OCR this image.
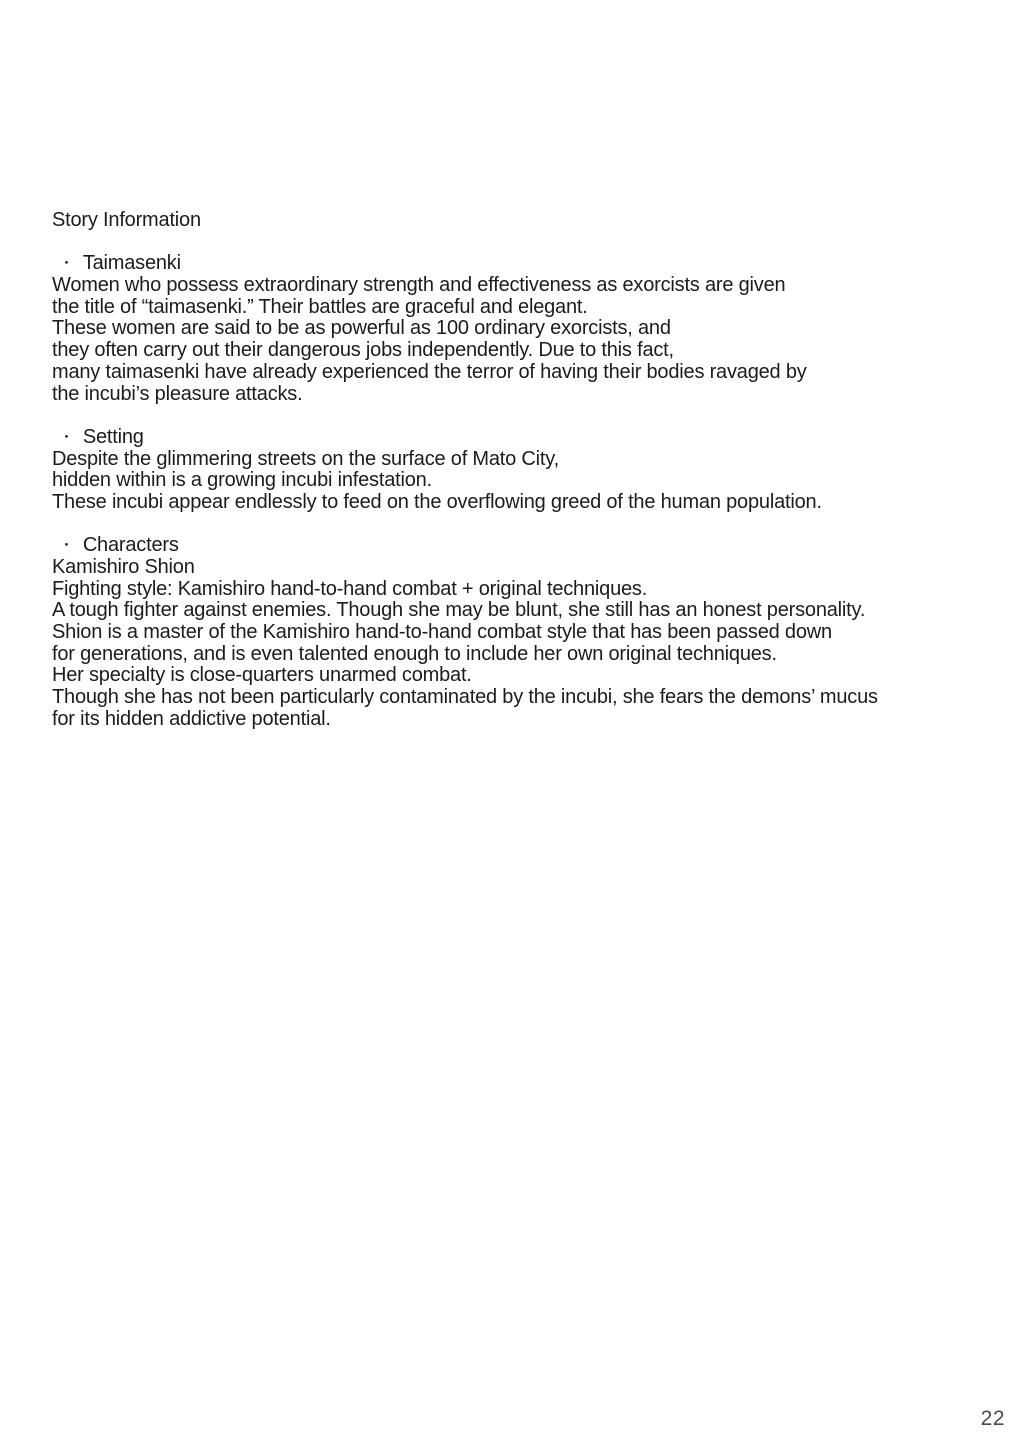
Story Information
・ Taimasenki
Women who possess extraordinary strength and effectiveness as exorcists are given
the title of “taimasenki.” Their battles are graceful and elegant.
These women are said to be as powerful as 100 ordinary exorcists, and
they often carry out their dangerous jobs independently. Due to this fact,
many taimasenki have already experienced the terror of having their bodies ravaged by
the incubi’s pleasure attacks.
・ Setting
Despite the glimmering streets on the surface of Mato City,
hidden within is a growing incubi infestation.
These incubi appear endlessly to feed on the overflowing greed of the human population.
・ Characters
Kamishiro Shion
Fighting style: Kamishiro hand-to-hand combat + original techniques.
A tough fighter against enemies. Though she may be blunt, she still has an honest personality.
Shion is a master of the Kamishiro hand-to-hand combat style that has been passed down
for generations, and is even talented enough to include her own original techniques.
Her specialty is close-quarters unarmed combat.
Though she has not been particularly contaminated by the incubi, she fears the demons’ mucus
for its hidden addictive potential.
22
